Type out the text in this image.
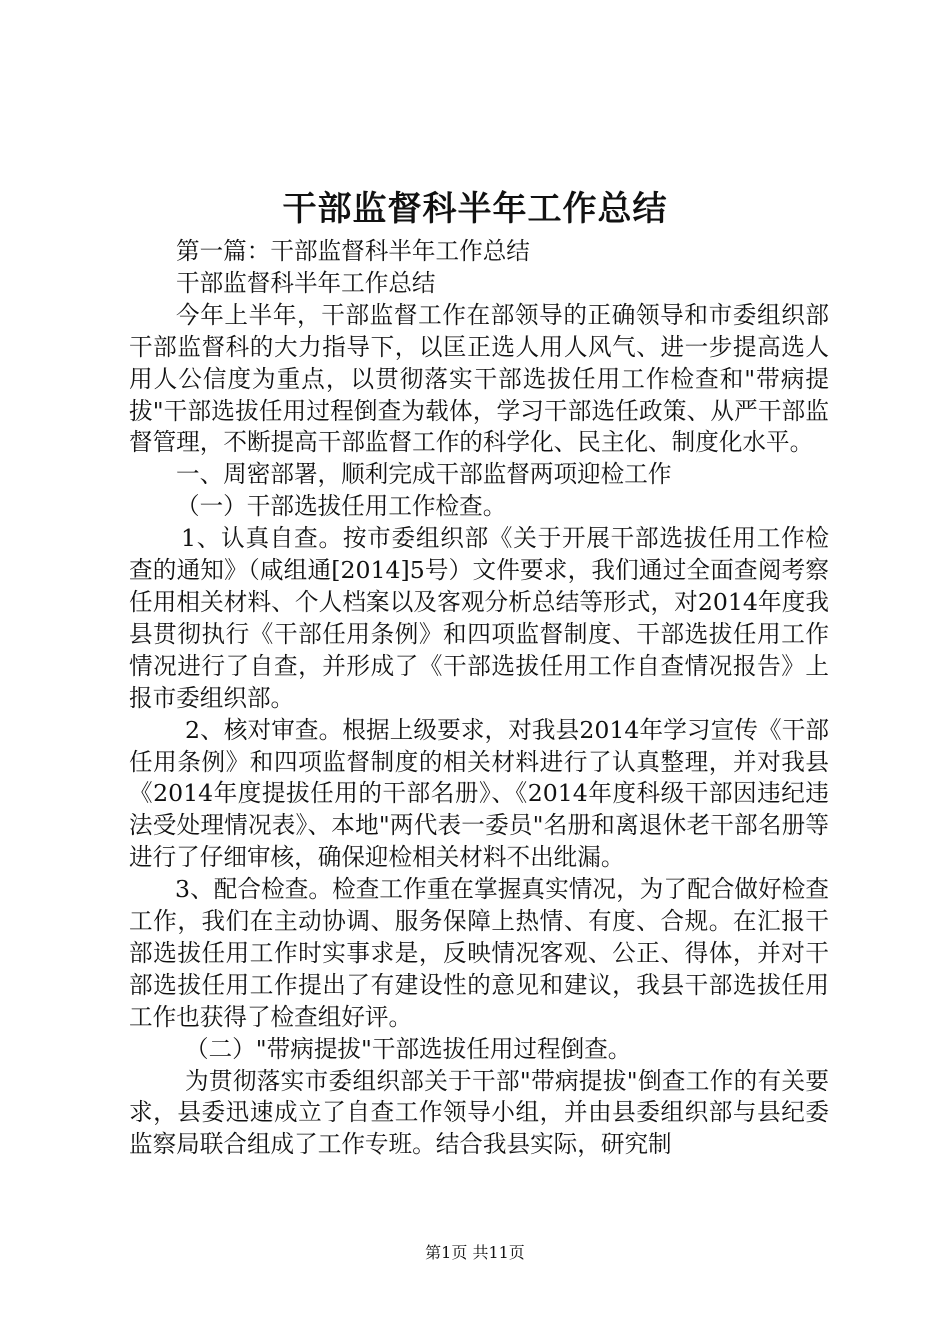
干部监督科半年工作总结

第一篇：干部监督科半年工作总结

干部监督科半年工作总结

今年上半年，干部监督工作在部领导的正确领导和市委组织部干部监督科的大力指导下，以匡正选人用人风气、进一步提高选人用人公信度为重点，以贯彻落实干部选拔任用工作检查和"带病提拔"干部选拔任用过程倒查为载体，学习干部选任政策、从严干部监督管理，不断提高干部监督工作的科学化、民主化、制度化水平。

一、周密部署，顺利完成干部监督两项迎检工作

（一）干部选拔任用工作检查。

1、认真自查。按市委组织部《关于开展干部选拔任用工作检查的通知》（咸组通[2014]5号）文件要求，我们通过全面查阅考察任用相关材料、个人档案以及客观分析总结等形式，对2014年度我县贯彻执行《干部任用条例》和四项监督制度、干部选拔任用工作情况进行了自查，并形成了《干部选拔任用工作自查情况报告》上报市委组织部。

2、核对审查。根据上级要求，对我县2014年学习宣传《干部任用条例》和四项监督制度的相关材料进行了认真整理，并对我县《2014年度提拔任用的干部名册》、《2014年度科级干部因违纪违法受处理情况表》、本地"两代表一委员"名册和离退休老干部名册等进行了仔细审核，确保迎检相关材料不出纰漏。

3、配合检查。检查工作重在掌握真实情况，为了配合做好检查工作，我们在主动协调、服务保障上热情、有度、合规。在汇报干部选拔任用工作时实事求是，反映情况客观、公正、得体，并对干部选拔任用工作提出了有建设性的意见和建议，我县干部选拔任用工作也获得了检查组好评。

（二）"带病提拔"干部选拔任用过程倒查。

为贯彻落实市委组织部关于干部"带病提拔"倒查工作的有关要求，县委迅速成立了自查工作领导小组，并由县委组织部与县纪委监察局联合组成了工作专班。结合我县实际，研究制

第1页 共11页
